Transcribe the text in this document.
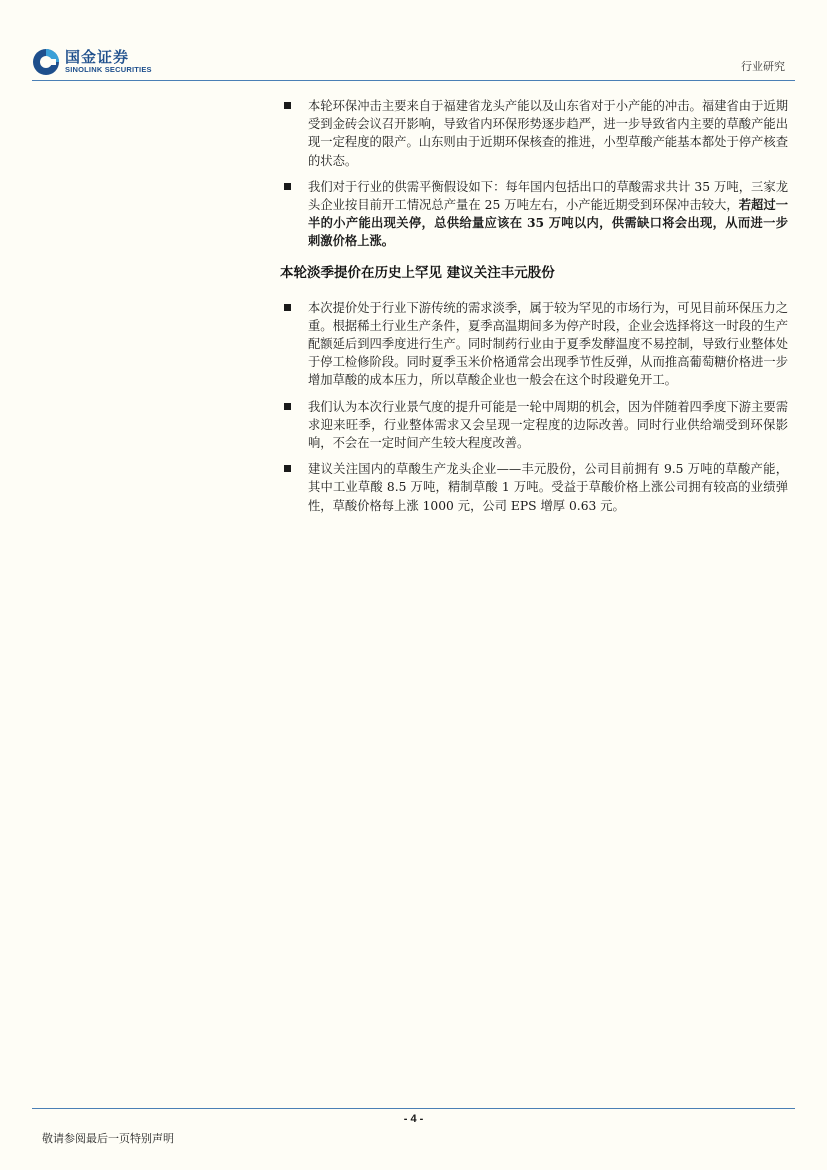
国金证券
SINOLINK SECURITIES	行业研究
本轮环保冲击主要来自于福建省龙头产能以及山东省对于小产能的冲击。福建省由于近期受到金砖会议召开影响，导致省内环保形势逐步趋严，进一步导致省内主要的草酸产能出现一定程度的限产。山东则由于近期环保核查的推进，小型草酸产能基本都处于停产核查的状态。
我们对于行业的供需平衡假设如下：每年国内包括出口的草酸需求共计 35 万吨，三家龙头企业按目前开工情况总产量在 25 万吨左右，小产能近期受到环保冲击较大，若超过一半的小产能出现关停，总供给量应该在 35 万吨以内，供需缺口将会出现，从而进一步刺激价格上涨。
本轮淡季提价在历史上罕见 建议关注丰元股份
本次提价处于行业下游传统的需求淡季，属于较为罕见的市场行为，可见目前环保压力之重。根据稀土行业生产条件，夏季高温期间多为停产时段，企业会选择将这一时段的生产配额延后到四季度进行生产。同时制药行业由于夏季发酵温度不易控制，导致行业整体处于停工检修阶段。同时夏季玉米价格通常会出现季节性反弹，从而推高葡萄糖价格进一步增加草酸的成本压力，所以草酸企业也一般会在这个时段避免开工。
我们认为本次行业景气度的提升可能是一轮中周期的机会，因为伴随着四季度下游主要需求迎来旺季，行业整体需求又会呈现一定程度的边际改善。同时行业供给端受到环保影响，不会在一定时间产生较大程度改善。
建议关注国内的草酸生产龙头企业——丰元股份，公司目前拥有 9.5 万吨的草酸产能，其中工业草酸 8.5 万吨，精制草酸 1 万吨。受益于草酸价格上涨公司拥有较高的业绩弹性，草酸价格每上涨 1000 元，公司 EPS 增厚 0.63 元。
- 4 -
敬请参阅最后一页特别声明
